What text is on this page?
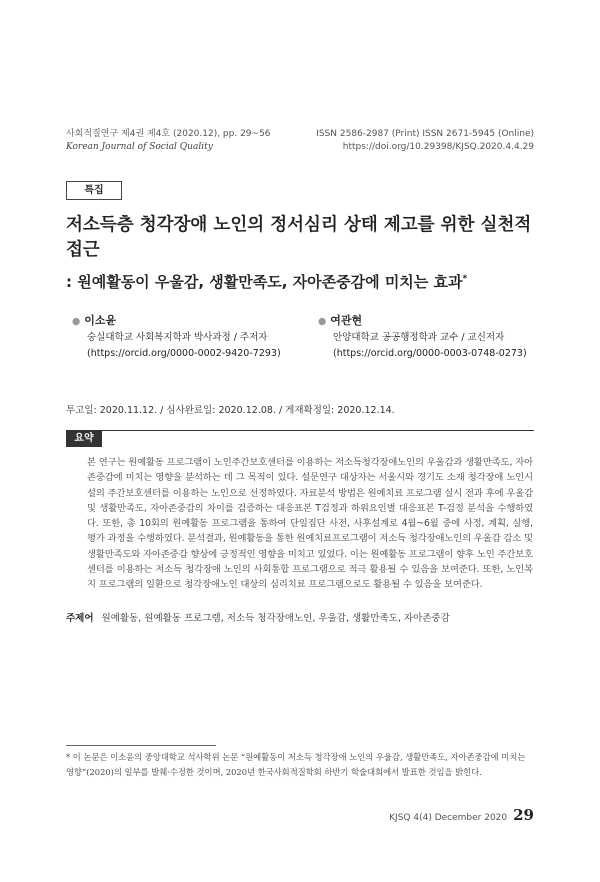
사회적질연구 제4권 제4호 (2020.12), pp. 29~56
Korean Journal of Social Quality
ISSN 2586-2987 (Print) ISSN 2671-5945 (Online)
https://doi.org/10.29398/KJSQ.2020.4.4.29
특집
저소득층 청각장애 노인의 정서심리 상태 제고를 위한 실천적 접근
: 원예활동이 우울감, 생활만족도, 자아존중감에 미치는 효과*
● 이소윤
숭실대학교 사회복지학과 박사과정 / 주저자
(https://orcid.org/0000-0002-9420-7293)
● 여관현
안양대학교 공공행정학과 교수 / 교신저자
(https://orcid.org/0000-0003-0748-0273)
투고일: 2020.11.12. / 심사완료일: 2020.12.08. / 게재확정일: 2020.12.14.
요약
본 연구는 원예활동 프로그램이 노인주간보호센터를 이용하는 저소득청각장애노인의 우울감과 생활만족도, 자아존중감에 미치는 영향을 분석하는 데 그 목적이 있다. 설문연구 대상자는 서울시와 경기도 소재 청각장애 노인시설의 주간보호센터를 이용하는 노인으로 선정하였다. 자료분석 방법은 원예치료 프로그램 실시 전과 후에 우울감 및 생활만족도, 자아존중감의 차이를 검증하는 대응표본 T검정과 하위요인별 대응표본 T-검정 분석을 수행하였다. 또한, 총 10회의 원예활동 프로그램을 통하여 단일집단 사전, 사후설계로 4월~6월 중에 사정, 계획, 실행, 평가 과정을 수행하였다. 분석결과, 원예활동을 통한 원예치료프로그램이 저소득 청각장애노인의 우울감 감소 및 생활만족도와 자아존중감 향상에 긍정적인 영향을 미치고 있었다. 이는 원예활동 프로그램이 향후 노인 주간보호센터를 이용하는 저소득 청각장애 노인의 사회통합 프로그램으로 적극 활용될 수 있음을 보여준다. 또한, 노인복지 프로그램의 일환으로 청각장애노인 대상의 심리치료 프로그램으로도 활용될 수 있음을 보여준다.
주제어 원예활동, 원예활동 프로그램, 저소득 청각장애노인, 우울감, 생활만족도, 자아존중감
* 이 논문은 이소윤의 중앙대학교 석사학위 논문 “원예활동이 저소득 청각장애 노인의 우울감, 생활만족도, 자아존중감에 미치는 영향”(2020)의 일부를 발췌·수정한 것이며, 2020년 한국사회적질학회 하반기 학술대회에서 발표한 것임을 밝힌다.
KJSQ 4(4) December 2020 29
